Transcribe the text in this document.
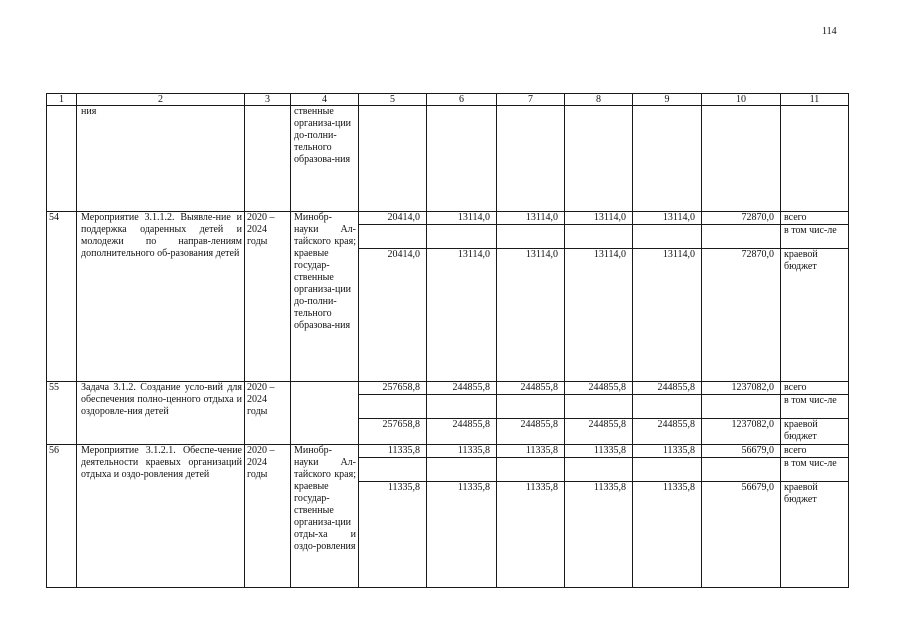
114
1	2	3	4	5	6	7	8	9	10	11
	ния		ственные организа-ции до-полни-тельного образова-ния							
54	Мероприятие 3.1.1.2. Выявле-ние и поддержка одаренных детей и молодежи по направ-лениям дополнительного об-разования детей	2020 – 2024 годы	Минобр-науки Ал-тайского края; краевые государ-ственные организа-ции до-полни-тельного образова-ния	20414,0	13114,0	13114,0	13114,0	13114,0	72870,0	всего
										в том чис-ле
				20414,0	13114,0	13114,0	13114,0	13114,0	72870,0	краевой бюджет
55	Задача 3.1.2. Создание усло-вий для обеспечения полно-ценного отдыха и оздоровле-ния детей	2020 – 2024 годы		257658,8	244855,8	244855,8	244855,8	244855,8	1237082,0	всего
										в том чис-ле
				257658,8	244855,8	244855,8	244855,8	244855,8	1237082,0	краевой бюджет
56	Мероприятие 3.1.2.1. Обеспе-чение деятельности краевых организаций отдыха и оздо-ровления детей	2020 – 2024 годы	Минобр-науки Ал-тайского края; краевые государ-ственные организа-ции отды-ха и оздо-ровления	11335,8	11335,8	11335,8	11335,8	11335,8	56679,0	всего
										в том чис-ле
				11335,8	11335,8	11335,8	11335,8	11335,8	56679,0	краевой бюджет
